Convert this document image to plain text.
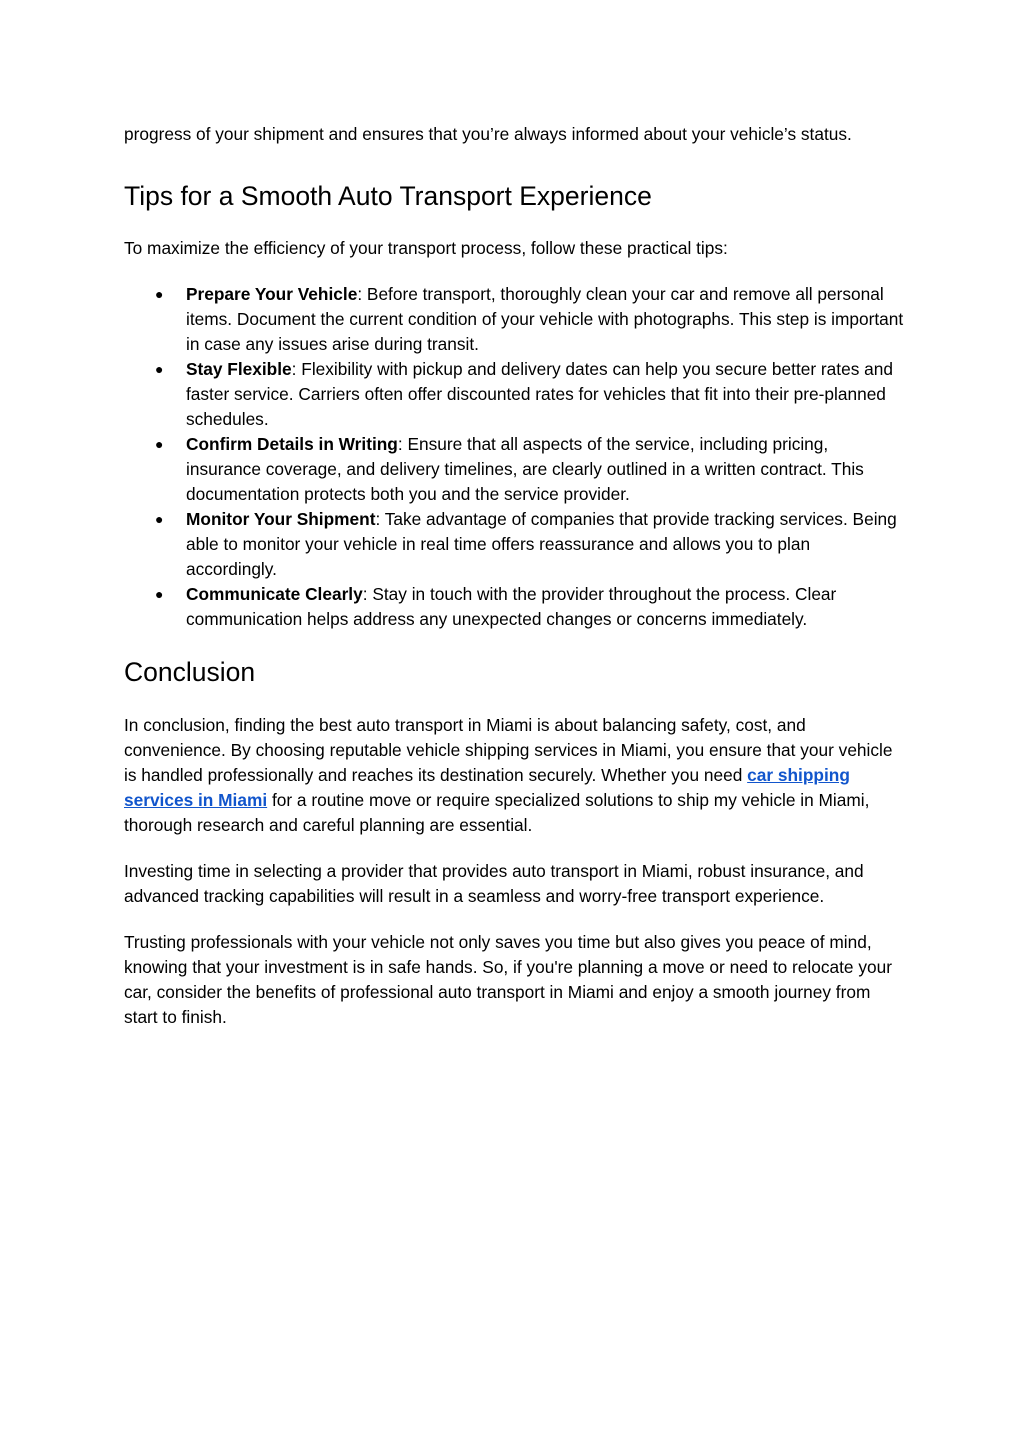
progress of your shipment and ensures that you’re always informed about your vehicle’s status.

Tips for a Smooth Auto Transport Experience

To maximize the efficiency of your transport process, follow these practical tips:

● Prepare Your Vehicle: Before transport, thoroughly clean your car and remove all personal items. Document the current condition of your vehicle with photographs. This step is important in case any issues arise during transit.
● Stay Flexible: Flexibility with pickup and delivery dates can help you secure better rates and faster service. Carriers often offer discounted rates for vehicles that fit into their pre-planned schedules.
● Confirm Details in Writing: Ensure that all aspects of the service, including pricing, insurance coverage, and delivery timelines, are clearly outlined in a written contract. This documentation protects both you and the service provider.
● Monitor Your Shipment: Take advantage of companies that provide tracking services. Being able to monitor your vehicle in real time offers reassurance and allows you to plan accordingly.
● Communicate Clearly: Stay in touch with the provider throughout the process. Clear communication helps address any unexpected changes or concerns immediately.
Conclusion

In conclusion, finding the best auto transport in Miami is about balancing safety, cost, and convenience. By choosing reputable vehicle shipping services in Miami, you ensure that your vehicle is handled professionally and reaches its destination securely. Whether you need car shipping services in Miami for a routine move or require specialized solutions to ship my vehicle in Miami, thorough research and careful planning are essential.

Investing time in selecting a provider that provides auto transport in Miami, robust insurance, and advanced tracking capabilities will result in a seamless and worry-free transport experience.

Trusting professionals with your vehicle not only saves you time but also gives you peace of mind, knowing that your investment is in safe hands. So, if you're planning a move or need to relocate your car, consider the benefits of professional auto transport in Miami and enjoy a smooth journey from start to finish.
